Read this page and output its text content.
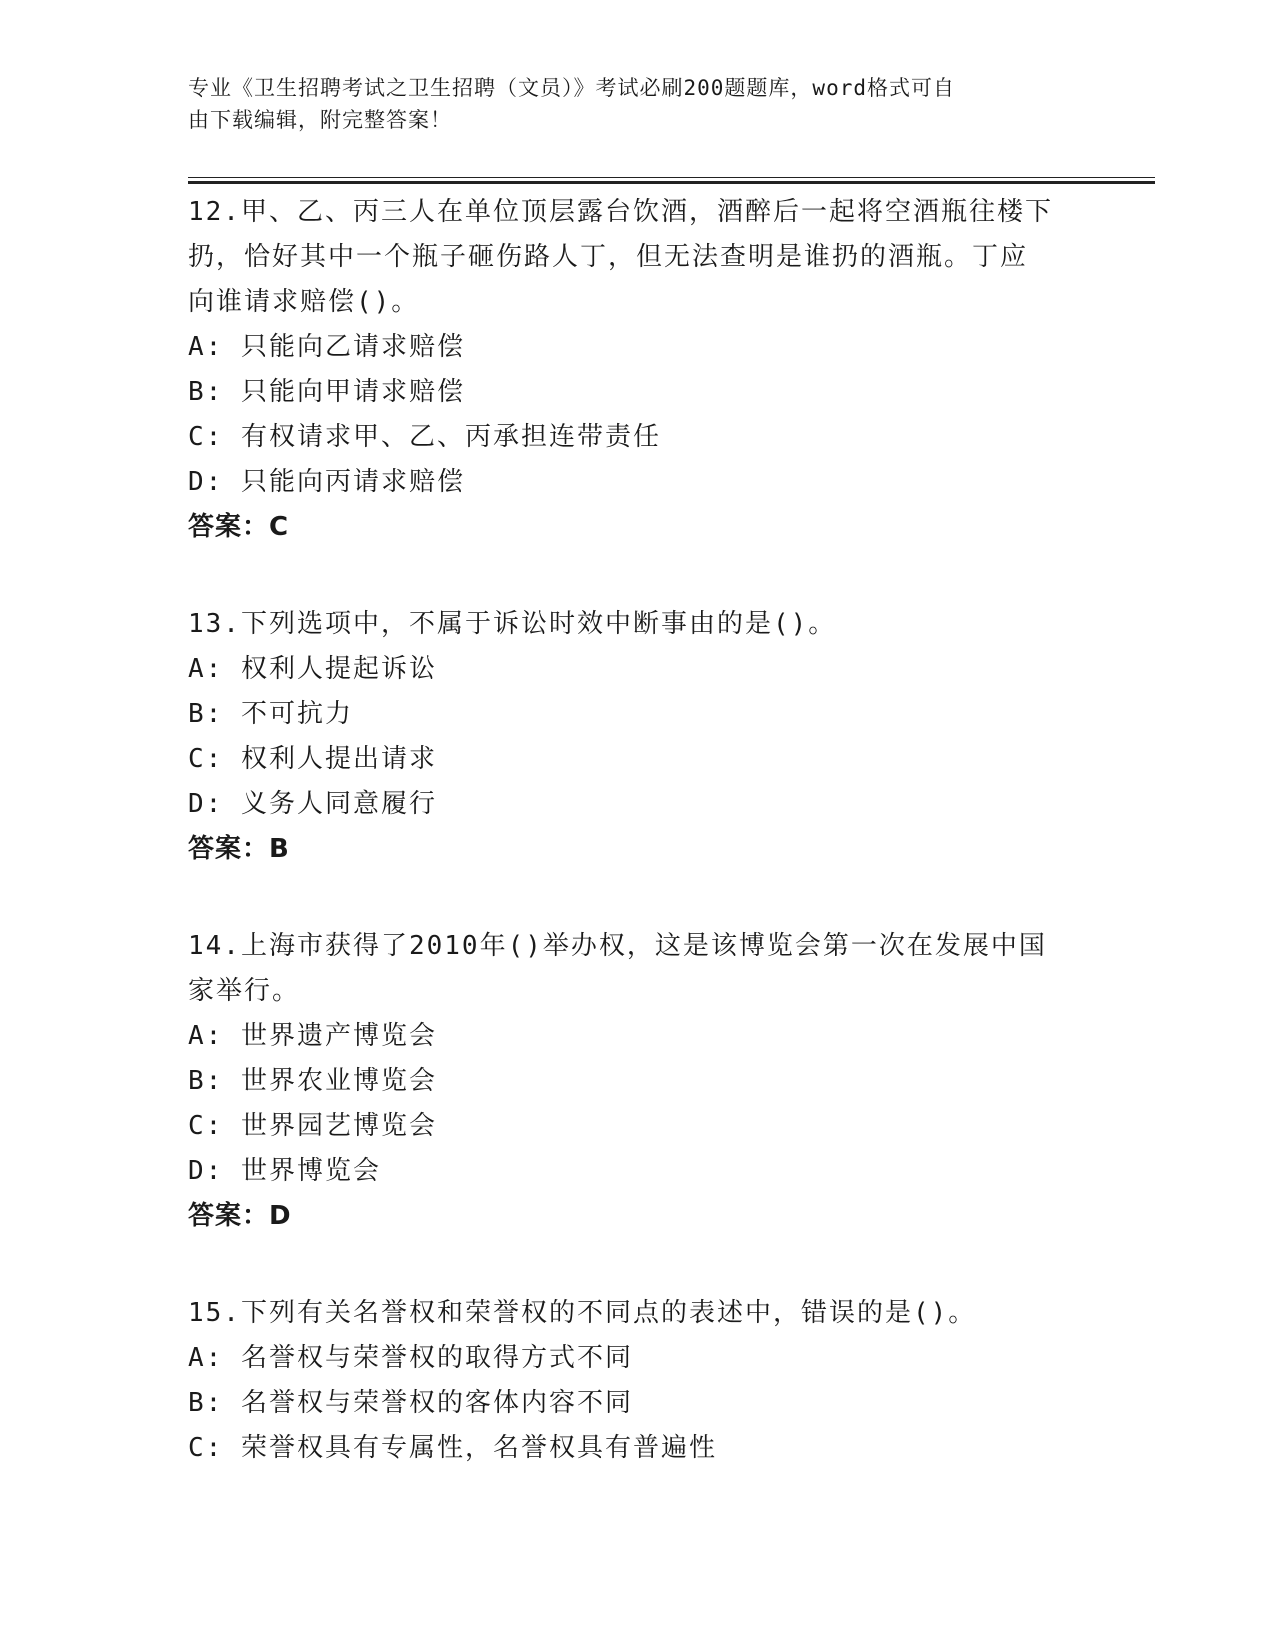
专业《卫生招聘考试之卫生招聘（文员）》考试必刷200题题库，word格式可自
由下载编辑，附完整答案！
12.甲、乙、丙三人在单位顶层露台饮酒，酒醉后一起将空酒瓶往楼下
扔，恰好其中一个瓶子砸伤路人丁，但无法查明是谁扔的酒瓶。丁应
向谁请求赔偿()。
A: 只能向乙请求赔偿
B: 只能向甲请求赔偿
C: 有权请求甲、乙、丙承担连带责任
D: 只能向丙请求赔偿
答案：C
13.下列选项中，不属于诉讼时效中断事由的是()。
A: 权利人提起诉讼
B: 不可抗力
C: 权利人提出请求
D: 义务人同意履行
答案：B
14.上海市获得了2010年()举办权，这是该博览会第一次在发展中国
家举行。
A: 世界遗产博览会
B: 世界农业博览会
C: 世界园艺博览会
D: 世界博览会
答案：D
15.下列有关名誉权和荣誉权的不同点的表述中，错误的是()。
A: 名誉权与荣誉权的取得方式不同
B: 名誉权与荣誉权的客体内容不同
C: 荣誉权具有专属性，名誉权具有普遍性
